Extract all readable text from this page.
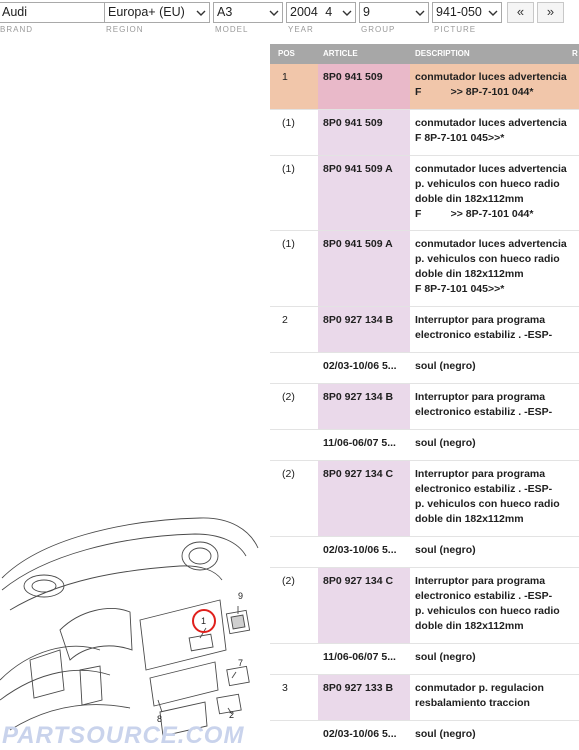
Audi	Europa+ (EU)	A3	2004 4	9	941-050	«	»
BRAND	REGION	MODEL	YEAR	GROUP	PICTURE
9
1
7
8	2
PARTSOURCE.COM
POS	ARTICLE	DESCRIPTION	R
1	8P0 941 509	conmutador luces advertencia
F          >> 8P-7-101 044*
(1)	8P0 941 509	conmutador luces advertencia
F 8P-7-101 045>>*
(1)	8P0 941 509 A	conmutador luces advertencia
p. vehiculos con hueco radio
doble din 182x112mm
F          >> 8P-7-101 044*
(1)	8P0 941 509 A	conmutador luces advertencia
p. vehiculos con hueco radio
doble din 182x112mm
F 8P-7-101 045>>*
2	8P0 927 134 B	Interruptor para programa
electronico estabiliz . -ESP-
02/03-10/06 5...	soul (negro)
(2)	8P0 927 134 B	Interruptor para programa
electronico estabiliz . -ESP-
11/06-06/07 5...	soul (negro)
(2)	8P0 927 134 C	Interruptor para programa
electronico estabiliz . -ESP-
p. vehiculos con hueco radio
doble din 182x112mm
02/03-10/06 5...	soul (negro)
(2)	8P0 927 134 C	Interruptor para programa
electronico estabiliz . -ESP-
p. vehiculos con hueco radio
doble din 182x112mm
11/06-06/07 5...	soul (negro)
3	8P0 927 133 B	conmutador p. regulacion
resbalamiento traccion
02/03-10/06 5...	soul (negro)
